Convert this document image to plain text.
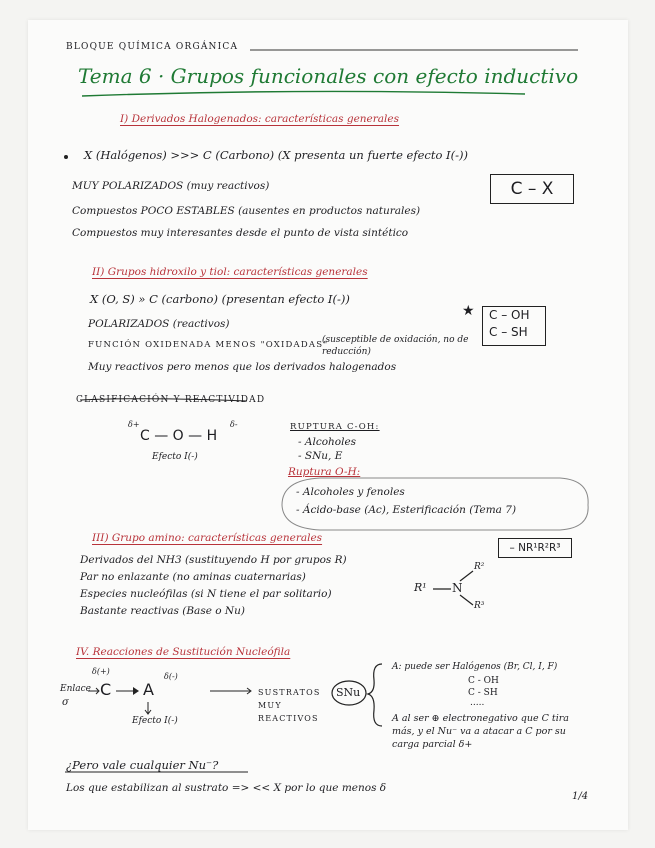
BLOQUE QUÍMICA ORGÁNICA
Tema 6 · Grupos funcionales con efecto inductivo
I) Derivados Halogenados: características generales
X (Halógenos) >>> C (Carbono) (X presenta un fuerte efecto I(-))
MUY POLARIZADOS (muy reactivos)
Compuestos POCO ESTABLES (ausentes en productos naturales)
Compuestos muy interesantes desde el punto de vista sintético
C – X
II) Grupos hidroxilo y tiol: características generales
X (O, S) » C (carbono) (presentan efecto I(-))
POLARIZADOS (reactivos)
FUNCIÓN OXIDENADA MENOS "OXIDADAS"
(susceptible de oxidación, no de reducción)
Muy reactivos pero menos que los derivados halogenados
C – OH
C – SH
★
CLASIFICACIÓN Y REACTIVIDAD
δ+	δ-
C — O — H
Efecto I(-)
RUPTURA C-OH:
- Alcoholes
- SNu, E
Ruptura O-H:
- Alcoholes y fenoles
- Ácido-base (Ac), Esterificación (Tema 7)
III) Grupo amino: características generales
Derivados del NH3 (sustituyendo H por grupos R)
Par no enlazante (no aminas cuaternarias)
Especies nucleófilas (si N tiene el par solitario)
Bastante reactivas (Base o Nu)
– NR¹R²R³
N
R¹
R²
R³
IV. Reacciones de Sustitución Nucleófila
Enlace
σ
δ(+)
δ(-)
C A
Efecto I(-)
SUSTRATOS MUY REACTIVOS
SNu
A: puede ser Halógenos (Br, Cl, I, F)
C - OH
C - SH
.....
A al ser ⊕ electronegativo que C tira más, y el Nu⁻ va a atacar a C por su carga parcial δ+
¿Pero vale cualquier Nu⁻?
Los que estabilizan al sustrato => << X por lo que menos δ
1/4
